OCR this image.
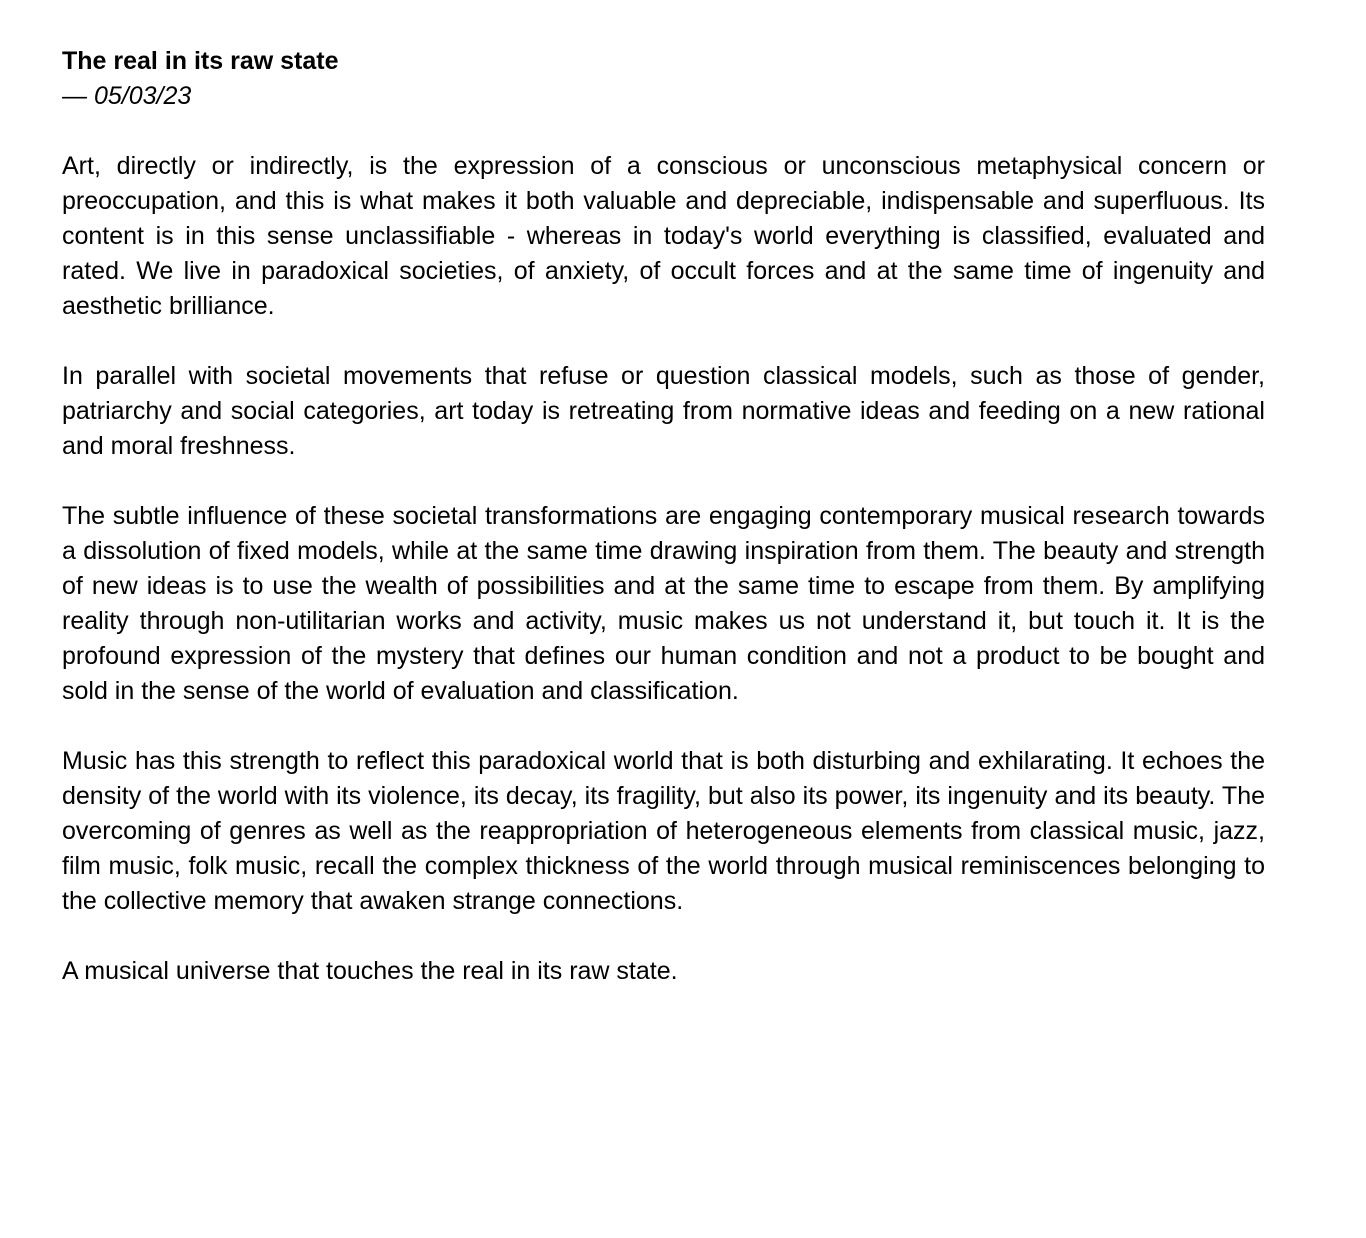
The real in its raw state

— 05/03/23

Art, directly or indirectly, is the expression of a conscious or unconscious metaphysical concern or preoccupation, and this is what makes it both valuable and depreciable, indispensable and superfluous. Its content is in this sense unclassifiable - whereas in today's world everything is classified, evaluated and rated. We live in paradoxical societies, of anxiety, of occult forces and at the same time of ingenuity and aesthetic brilliance.

In parallel with societal movements that refuse or question classical models, such as those of gender, patriarchy and social categories, art today is retreating from normative ideas and feeding on a new rational and moral freshness.

The subtle influence of these societal transformations are engaging contemporary musical research towards a dissolution of fixed models, while at the same time drawing inspiration from them. The beauty and strength of new ideas is to use the wealth of possibilities and at the same time to escape from them. By amplifying reality through non-utilitarian works and activity, music makes us not understand it, but touch it. It is the profound expression of the mystery that defines our human condition and not a product to be bought and sold in the sense of the world of evaluation and classification.

Music has this strength to reflect this paradoxical world that is both disturbing and exhilarating. It echoes the density of the world with its violence, its decay, its fragility, but also its power, its ingenuity and its beauty. The overcoming of genres as well as the reappropriation of heterogeneous elements from classical music, jazz, film music, folk music, recall the complex thickness of the world through musical reminiscences belonging to the collective memory that awaken strange connections.

A musical universe that touches the real in its raw state.
